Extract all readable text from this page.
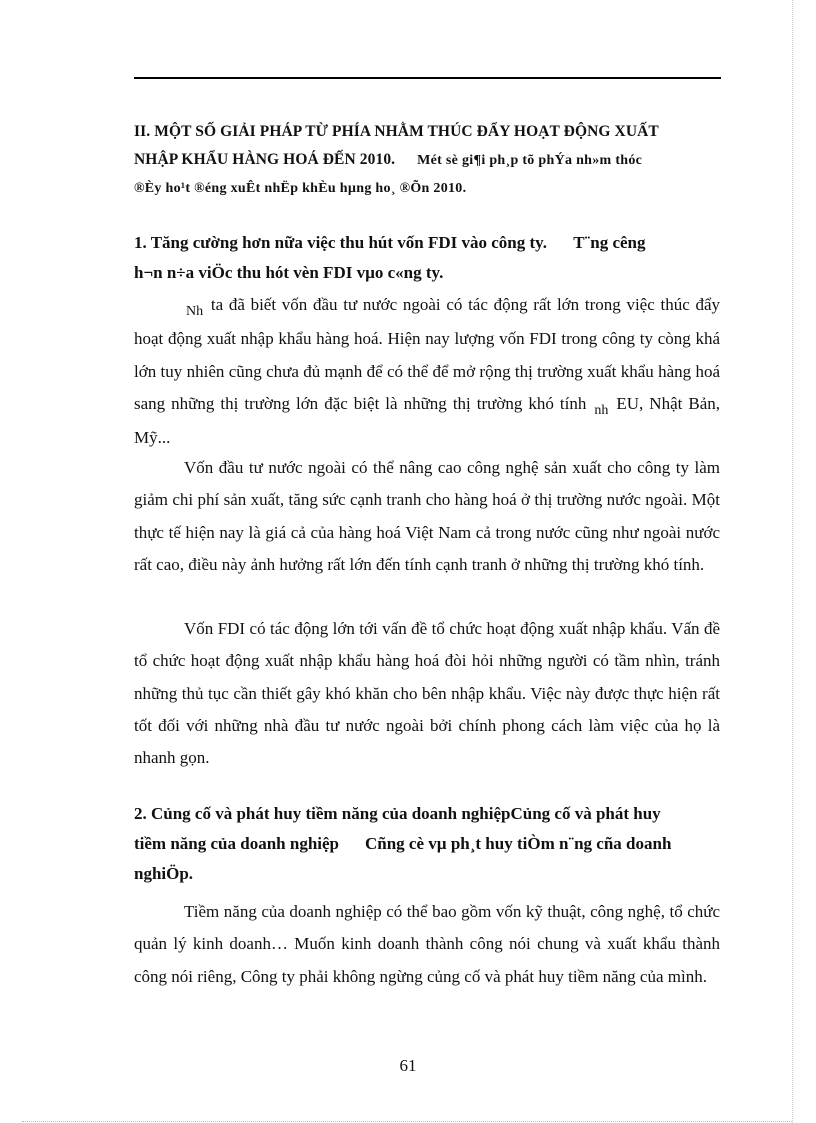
II. MỘT SỐ GIẢI PHÁP TỪ PHÍA NHẰM THÚC ĐẨY HOẠT ĐỘNG XUẤT
NHẬP KHẨU HÀNG HOÁ ĐẾN 2010. Mét sè gi¶i ph¸p tõ phÝa nh»m thóc
®Èy ho¹t ®éng xuÊt nhËp khÈu hµng ho¸ ®Õn 2010.
1. Tăng cường hơn nữa việc thu hút vốn FDI vào công ty. T¨ng cêng
h¬n n÷a viÖc thu hót vèn FDI vµo c«ng ty.

$_{Nh}$ ta đã biết vốn đầu tư nước ngoài có tác động rất lớn trong việc thúc đẩy hoạt động xuất nhập khẩu hàng hoá. Hiện nay lượng vốn FDI trong công ty còng khá lớn tuy nhiên cũng chưa đủ mạnh để có thể để mở rộng thị trường xuất khẩu hàng hoá sang những thị trường lớn đặc biệt là những thị trường khó tính $_{nh}$ EU, Nhật Bản, Mỹ...

Vốn đầu tư nước ngoài có thể nâng cao công nghệ sản xuất cho công ty làm giảm chi phí sản xuất, tăng sức cạnh tranh cho hàng hoá ở thị trường nước ngoài. Một thực tế hiện nay là giá cả của hàng hoá Việt Nam cả trong nước cũng như ngoài nước rất cao, điều này ảnh hưởng rất lớn đến tính cạnh tranh ở những thị trường khó tính.

Vốn FDI có tác động lớn tới vấn đề tổ chức hoạt động xuất nhập khẩu. Vấn đề tổ chức hoạt động xuất nhập khẩu hàng hoá đòi hỏi những người có tầm nhìn, tránh những thủ tục cần thiết gây khó khăn cho bên nhập khẩu. Việc này được thực hiện rất tốt đối với những nhà đầu tư nước ngoài bởi chính phong cách làm việc của họ là nhanh gọn.

2. Củng cố và phát huy tiềm năng của doanh nghiệpCủng cố và phát huy tiềm năng của doanh nghiệp Cñng cè vµ ph¸t huy tiÒm n¨ng cña doanh nghiÖp.

Tiềm năng của doanh nghiệp có thể bao gồm vốn kỹ thuật, công nghệ, tổ chức quản lý kinh doanh… Muốn kinh doanh thành công nói chung và xuất khẩu thành công nói riêng, Công ty phải không ngừng củng cố và phát huy tiềm năng của mình.

61
